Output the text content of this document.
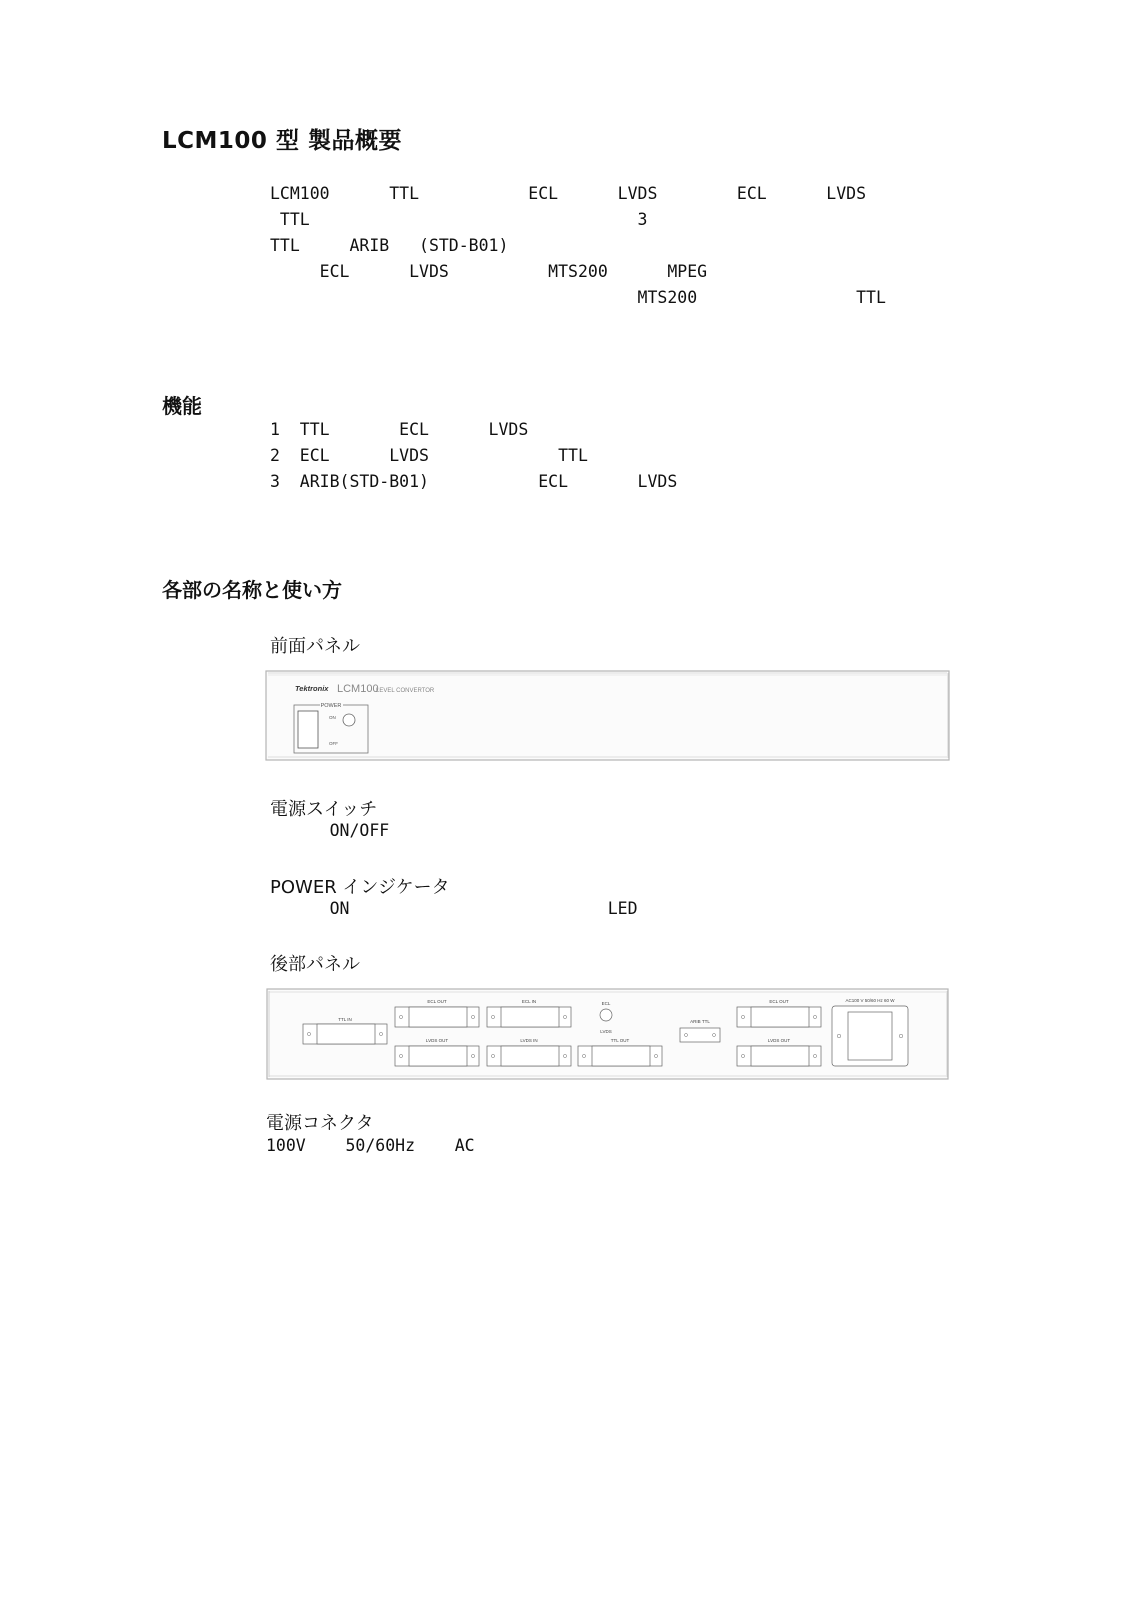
LCM100 型 製品概要
LCM100      TTL           ECL      LVDS        ECL      LVDS
TTL                                 3
TTL     ARIB   (STD-B01)
ECL      LVDS          MTS200      MPEG
MTS200                TTL

機能
1  TTL       ECL      LVDS
2  ECL      LVDS             TTL
3  ARIB(STD-B01)           ECL       LVDS
各部の名称と使い方
前面パネル
Tektronix LCM100
LEVEL CONVERTOR
POWER
ON
OFF
電源スイッチ
ON/OFF
POWER インジケータ
ON                          LED
後部パネル
TTL IN
ECL OUT	ECL IN	ECL
LVDS
ARIB TTL
ECL OUT	AC100 V 50/60 Hz 60 W
LVDS OUT	LVDS IN	TTL OUT	LVDS OUT
電源コネクタ
100V    50/60Hz    AC
